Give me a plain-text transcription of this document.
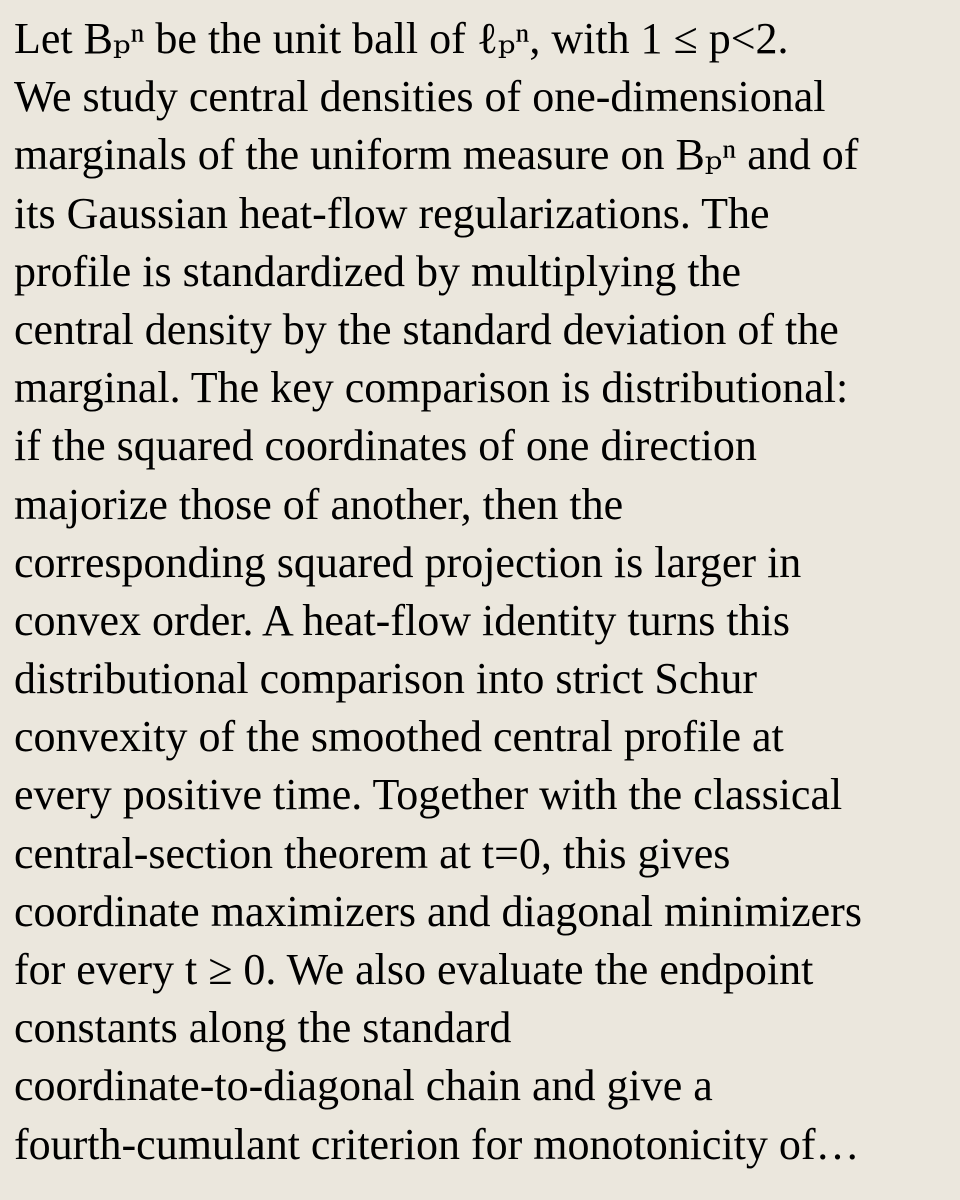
Let Bₚⁿ be the unit ball of ℓₚⁿ, with 1 ≤ p<2.
We study central densities of one-dimensional
marginals of the uniform measure on Bₚⁿ and of
its Gaussian heat-flow regularizations. The
profile is standardized by multiplying the
central density by the standard deviation of the
marginal. The key comparison is distributional:
if the squared coordinates of one direction
majorize those of another, then the
corresponding squared projection is larger in
convex order. A heat-flow identity turns this
distributional comparison into strict Schur
convexity of the smoothed central profile at
every positive time. Together with the classical
central-section theorem at t=0, this gives
coordinate maximizers and diagonal minimizers
for every t ≥ 0. We also evaluate the endpoint
constants along the standard
coordinate-to-diagonal chain and give a
fourth-cumulant criterion for monotonicity of…
